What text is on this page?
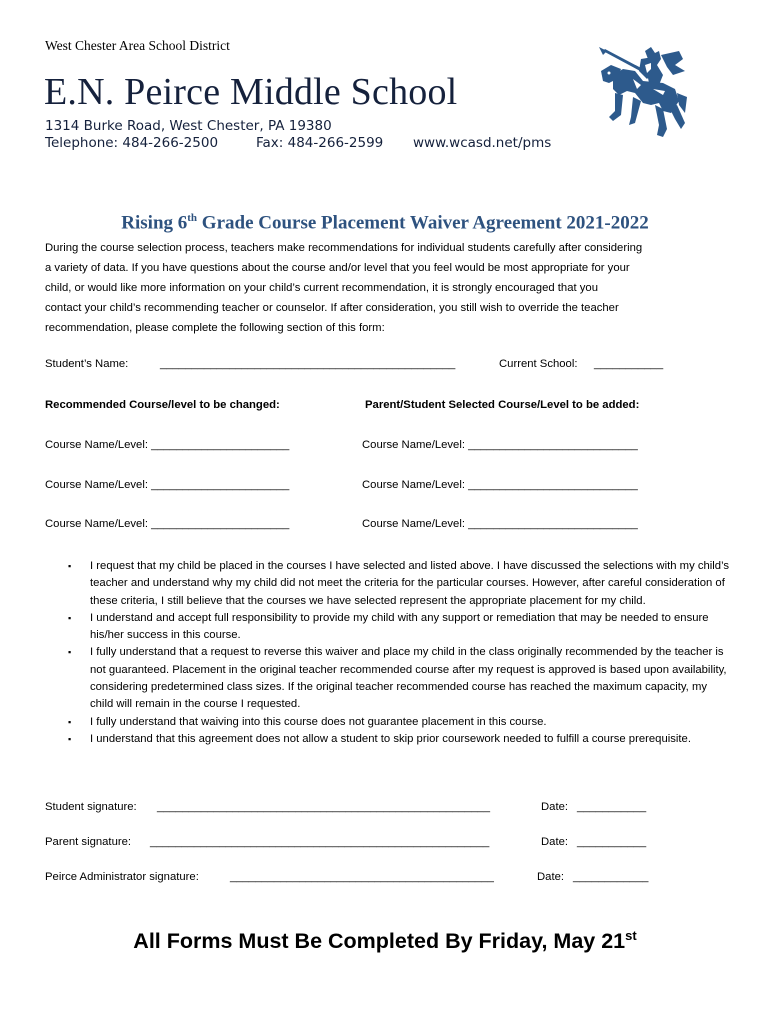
West Chester Area School District
E.N. Peirce Middle School
1314 Burke Road, West Chester, PA 19380
Telephone: 484-266-2500	Fax: 484-266-2599 www.wcasd.net/pms
Rising 6th Grade Course Placement Waiver Agreement 2021-2022
During the course selection process, teachers make recommendations for individual students carefully after considering
a variety of data. If you have questions about the course and/or level that you feel would be most appropriate for your
child, or would like more information on your child’s current recommendation, it is strongly encouraged that you
contact your child’s recommending teacher or counselor. If after consideration, you still wish to override the teacher
recommendation, please complete the following section of this form:
Student’s Name:	_______________________________________________	Current School: ___________
Recommended Course/level to be changed:	Parent/Student Selected Course/Level to be added:
Course Name/Level: ______________________	Course Name/Level: ___________________________
Course Name/Level: ______________________	Course Name/Level: ___________________________
Course Name/Level: ______________________	Course Name/Level: ___________________________
▪ I request that my child be placed in the courses I have selected and listed above. I have discussed the selections with my child’s teacher and understand why my child did not meet the criteria for the particular courses. However, after careful consideration of these criteria, I still believe that the courses we have selected represent the appropriate placement for my child.
▪ I understand and accept full responsibility to provide my child with any support or remediation that may be needed to ensure his/her success in this course.
▪ I fully understand that a request to reverse this waiver and place my child in the class originally recommended by the teacher is not guaranteed. Placement in the original teacher recommended course after my request is approved is based upon availability, considering predetermined class sizes. If the original teacher recommended course has reached the maximum capacity, my child will remain in the course I requested.
▪ I fully understand that waiving into this course does not guarantee placement in this course.
▪ I understand that this agreement does not allow a student to skip prior coursework needed to fulfill a course prerequisite.
Student signature: _____________________________________________________	Date: ___________
Parent signature: ______________________________________________________	Date: ___________
Peirce Administrator signature:	__________________________________________	Date: ____________
All Forms Must Be Completed By Friday, May 21st
